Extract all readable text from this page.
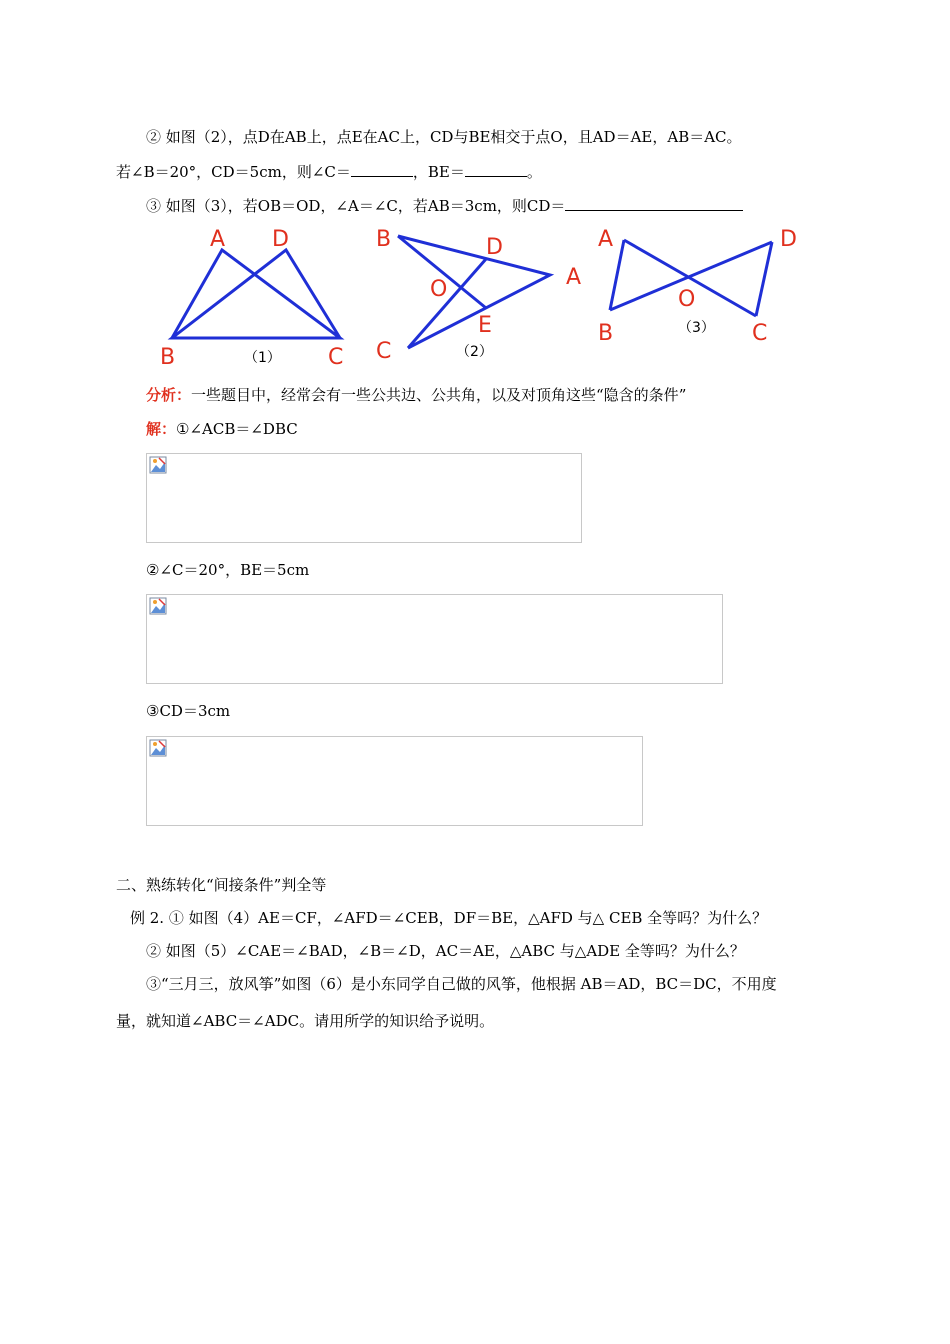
② 如图（2），点D在AB上，点E在AC上，CD与BE相交于点O，且AD＝AE，AB＝AC。
若∠B＝20°，CD＝5cm，则∠C＝	，BE＝	。
③ 如图（3），若OB＝OD，∠A＝∠C，若AB＝3cm，则CD＝
A D
B	C
（1）
B	D
A
O
E
C	（2）
A	D
O
B	C
（3）
分析：一些题目中，经常会有一些公共边、公共角，以及对顶角这些“隐含的条件”
解：①∠ACB＝∠DBC
②∠C＝20°，BE＝5cm
③CD＝3cm
二、熟练转化“间接条件”判全等
例 2. ① 如图（4）AE＝CF，∠AFD＝∠CEB，DF＝BE，△AFD 与△ CEB 全等吗？为什么？
② 如图（5）∠CAE＝∠BAD，∠B＝∠D，AC＝AE，△ABC 与△ADE 全等吗？为什么？
③“三月三，放风筝”如图（6）是小东同学自己做的风筝，他根据 AB＝AD，BC＝DC，不用度
量，就知道∠ABC＝∠ADC。请用所学的知识给予说明。
